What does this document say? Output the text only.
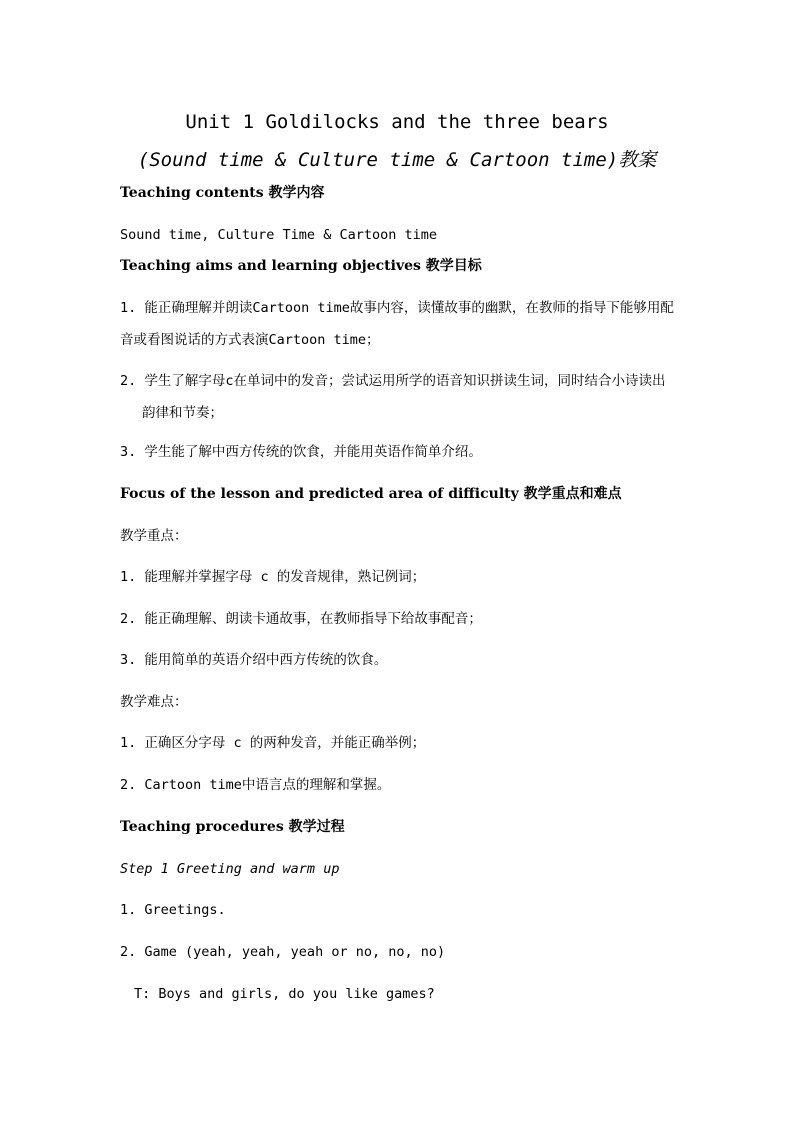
Unit 1 Goldilocks and the three bears
(Sound time & Culture time & Cartoon time)教案
Teaching contents 教学内容
Sound time, Culture Time & Cartoon time
Teaching aims and learning objectives 教学目标
1. 能正确理解并朗读Cartoon time故事内容，读懂故事的幽默，在教师的指导下能够用配音或看图说话的方式表演Cartoon time；
2. 学生了解字母c在单词中的发音；尝试运用所学的语音知识拼读生词，同时结合小诗读出韵律和节奏；
3. 学生能了解中西方传统的饮食，并能用英语作简单介绍。
Focus of the lesson and predicted area of difficulty 教学重点和难点
教学重点：
1. 能理解并掌握字母 c 的发音规律，熟记例词；
2. 能正确理解、朗读卡通故事，在教师指导下给故事配音；
3. 能用简单的英语介绍中西方传统的饮食。
教学难点：
1. 正确区分字母 c 的两种发音，并能正确举例；
2. Cartoon time中语言点的理解和掌握。
Teaching procedures 教学过程
Step 1 Greeting and warm up
1. Greetings.
2. Game (yeah, yeah, yeah or no, no, no)
T: Boys and girls, do you like games?
